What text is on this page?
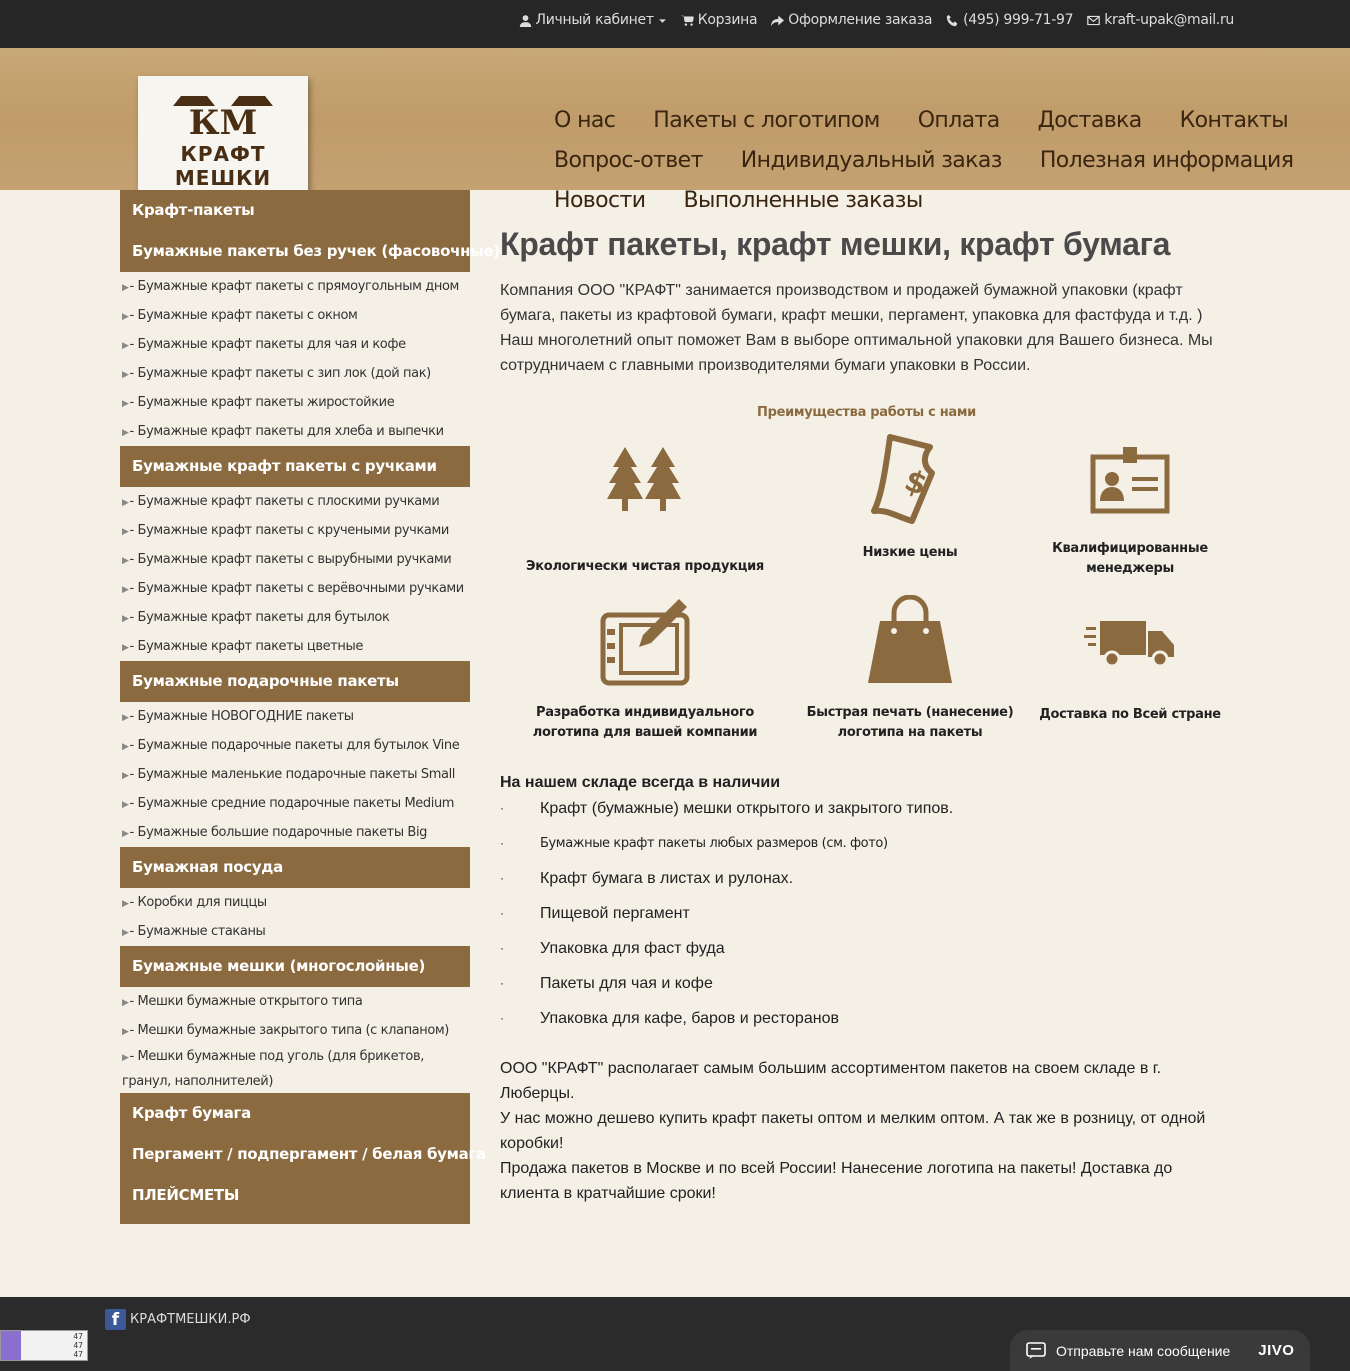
Личный кабинет	Корзина Оформление заказа (495) 999-71-97 kraft-upak@mail.ru
КМ
КРАФТ МЕШКИ
О нас Пакеты с логотипом Оплата Доставка Контакты
Вопрос-ответ Индивидуальный заказ Полезная информация
Новости Выполненные заказы
Крафт-пакеты
Бумажные пакеты без ручек (фасовочные)
▶- Бумажные крафт пакеты с прямоугольным дном
▶- Бумажные крафт пакеты с окном
▶- Бумажные крафт пакеты для чая и кофе
▶- Бумажные крафт пакеты с зип лок (дой пак)
▶- Бумажные крафт пакеты жиростойкие
▶- Бумажные крафт пакеты для хлеба и выпечки
Бумажные крафт пакеты с ручками
▶- Бумажные крафт пакеты с плоскими ручками
▶- Бумажные крафт пакеты с кручеными ручками
▶- Бумажные крафт пакеты с вырубными ручками
▶- Бумажные крафт пакеты с верёвочными ручками
▶- Бумажные крафт пакеты для бутылок
▶- Бумажные крафт пакеты цветные
Бумажные подарочные пакеты
▶- Бумажные НОВОГОДНИЕ пакеты
▶- Бумажные подарочные пакеты для бутылок Vine
▶- Бумажные маленькие подарочные пакеты Small
▶- Бумажные средние подарочные пакеты Medium
▶- Бумажные большие подарочные пакеты Big
Бумажная посуда
▶- Коробки для пиццы
▶- Бумажные стаканы
Бумажные мешки (многослойные)
▶- Мешки бумажные открытого типа
▶- Мешки бумажные закрытого типа (с клапаном)
▶- Мешки бумажные под уголь (для брикетов, гранул, наполнителей)
Крафт бумага
Пергамент / подпергамент / белая бумага
ПЛЕЙСМЕТЫ
Крафт пакеты, крафт мешки, крафт бумага

Компания ООО "КРАФТ" занимается производством и продажей бумажной упаковки (крафт бумага, пакеты из крафтовой бумаги, крафт мешки, пергамент, упаковка для фастфуда и т.д. ) Наш многолетний опыт поможет Вам в выборе оптимальной упаковки для Вашего бизнеса. Мы сотрудничаем с главными производителями бумаги упаковки в России.

Преимущества работы с нами
Экологически чистая продукция
$
Низкие цены	Квалифицированные менеджеры
Разработка индивидуального логотипа для вашей компании
Быстрая печать (нанесение) логотипа на пакеты
Доставка по Всей стране
На нашем складе всегда в наличии
·	Крафт (бумажные) мешки открытого и закрытого типов.
·	Бумажные крафт пакеты любых размеров (см. фото)
·	Крафт бумага в листах и рулонах.
·	Пищевой пергамент
·	Упаковка для фаст фуда
·	Пакеты для чая и кофе
·	Упаковка для кафе, баров и ресторанов

ООО "КРАФТ" располагает самым большим ассортиментом пакетов на своем складе в г. Люберцы.

У нас можно дешево купить крафт пакеты оптом и мелким оптом. А так же в розницу, от одной коробки!

Продажа пакетов в Москве и по всей России! Нанесение логотипа на пакеты! Доставка до клиента в кратчайшие сроки!

f КРАФТМЕШКИ.РФ
47
47
47	Отправьте нам сообщение JIVO
